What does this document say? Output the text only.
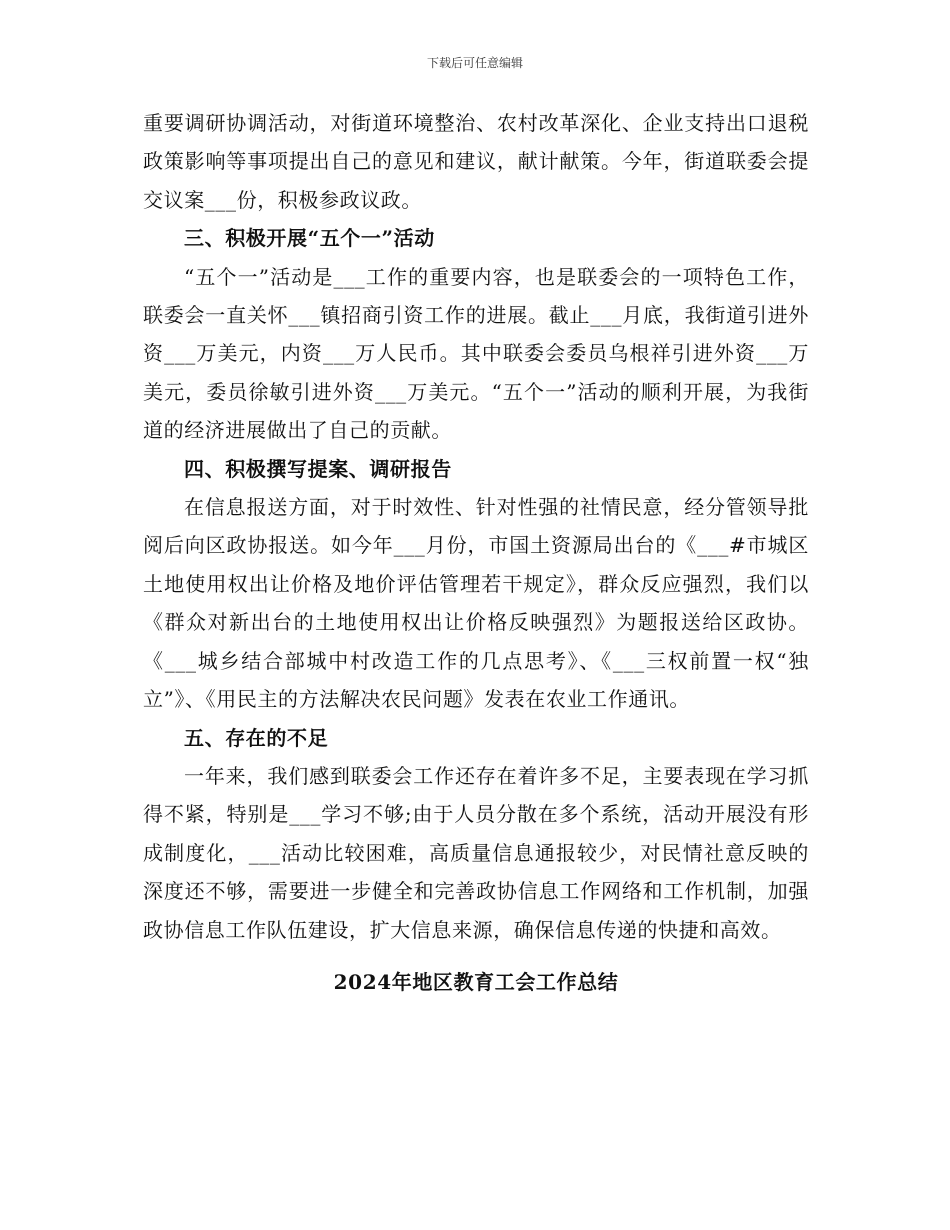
下载后可任意编辑

重要调研协调活动，对街道环境整治、农村改革深化、企业支持出口退税政策影响等事项提出自己的意见和建议，献计献策。今年，街道联委会提交议案___份，积极参政议政。

三、积极开展“五个一”活动

“五个一”活动是___工作的重要内容，也是联委会的一项特色工作，联委会一直关怀___镇招商引资工作的进展。截止___月底，我街道引进外资___万美元，内资___万人民币。其中联委会委员乌根祥引进外资___万美元，委员徐敏引进外资___万美元。“五个一”活动的顺利开展，为我街道的经济进展做出了自己的贡献。

四、积极撰写提案、调研报告

在信息报送方面，对于时效性、针对性强的社情民意，经分管领导批阅后向区政协报送。如今年___月份，市国土资源局出台的《___#市城区土地使用权出让价格及地价评估管理若干规定》，群众反应强烈，我们以《群众对新出台的土地使用权出让价格反映强烈》为题报送给区政协。《___城乡结合部城中村改造工作的几点思考》、《___三权前置一权“独立”》、《用民主的方法解决农民问题》发表在农业工作通讯。

五、存在的不足

一年来，我们感到联委会工作还存在着许多不足，主要表现在学习抓得不紧，特别是___学习不够;由于人员分散在多个系统，活动开展没有形成制度化，___活动比较困难，高质量信息通报较少，对民情社意反映的深度还不够，需要进一步健全和完善政协信息工作网络和工作机制，加强政协信息工作队伍建设，扩大信息来源，确保信息传递的快捷和高效。

2024年地区教育工会工作总结
